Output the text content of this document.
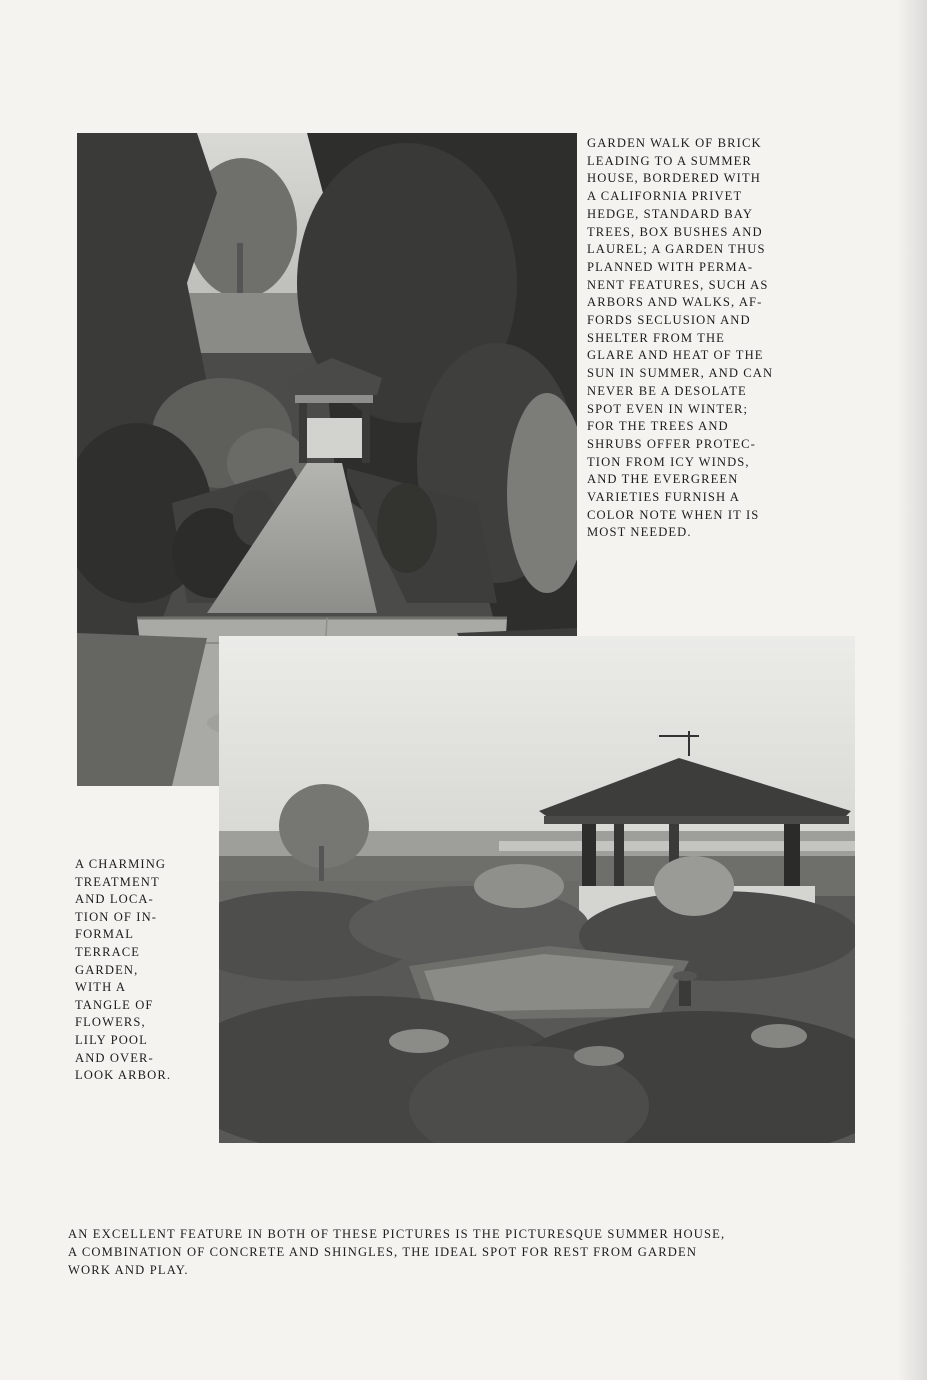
GARDEN WALK OF BRICK
LEADING TO A SUMMER
HOUSE, BORDERED WITH
A CALIFORNIA PRIVET
HEDGE, STANDARD BAY
TREES, BOX BUSHES AND
LAUREL; A GARDEN THUS
PLANNED WITH PERMA-
NENT FEATURES, SUCH AS
ARBORS AND WALKS, AF-
FORDS SECLUSION AND
SHELTER FROM THE
GLARE AND HEAT OF THE
SUN IN SUMMER, AND CAN
NEVER BE A DESOLATE
SPOT EVEN IN WINTER;
FOR THE TREES AND
SHRUBS OFFER PROTEC-
TION FROM ICY WINDS,
AND THE EVERGREEN
VARIETIES FURNISH A
COLOR NOTE WHEN IT IS
MOST NEEDED.
A CHARMING
TREATMENT
AND LOCA-
TION OF IN-
FORMAL
TERRACE
GARDEN,
WITH A
TANGLE OF
FLOWERS,
LILY POOL
AND OVER-
LOOK ARBOR.
AN EXCELLENT FEATURE IN BOTH OF THESE PICTURES IS THE PICTURESQUE SUMMER HOUSE,
A COMBINATION OF CONCRETE AND SHINGLES, THE IDEAL SPOT FOR REST FROM GARDEN
WORK AND PLAY.
